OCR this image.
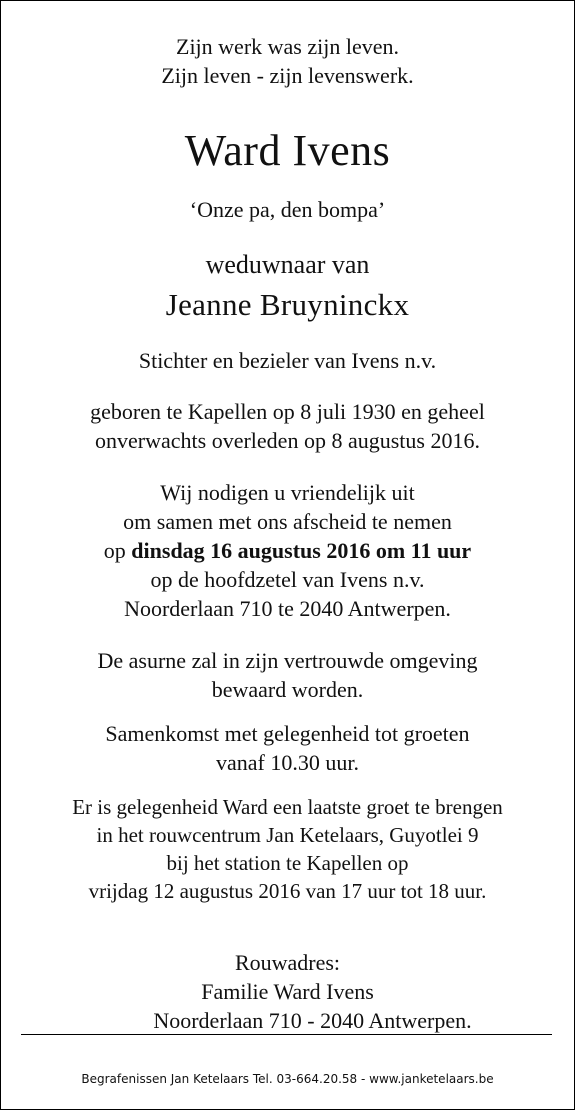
Zijn werk was zijn leven.
Zijn leven - zijn levenswerk.
Ward Ivens
‘Onze pa, den bompa’
weduwnaar van
Jeanne Bruyninckx
Stichter en bezieler van Ivens n.v.
geboren te Kapellen op 8 juli 1930 en geheel
onverwachts overleden op 8 augustus 2016.
Wij nodigen u vriendelijk uit
om samen met ons afscheid te nemen
op dinsdag 16 augustus 2016 om 11 uur
op de hoofdzetel van Ivens n.v.
Noorderlaan 710 te 2040 Antwerpen.
De asurne zal in zijn vertrouwde omgeving
bewaard worden.
Samenkomst met gelegenheid tot groeten
vanaf 10.30 uur.
Er is gelegenheid Ward een laatste groet te brengen
in het rouwcentrum Jan Ketelaars, Guyotlei 9
bij het station te Kapellen op
vrijdag 12 augustus 2016 van 17 uur tot 18 uur.
Rouwadres:
Familie Ward Ivens
Noorderlaan 710 - 2040 Antwerpen.
Begrafenissen Jan Ketelaars Tel. 03-664.20.58 - www.janketelaars.be
